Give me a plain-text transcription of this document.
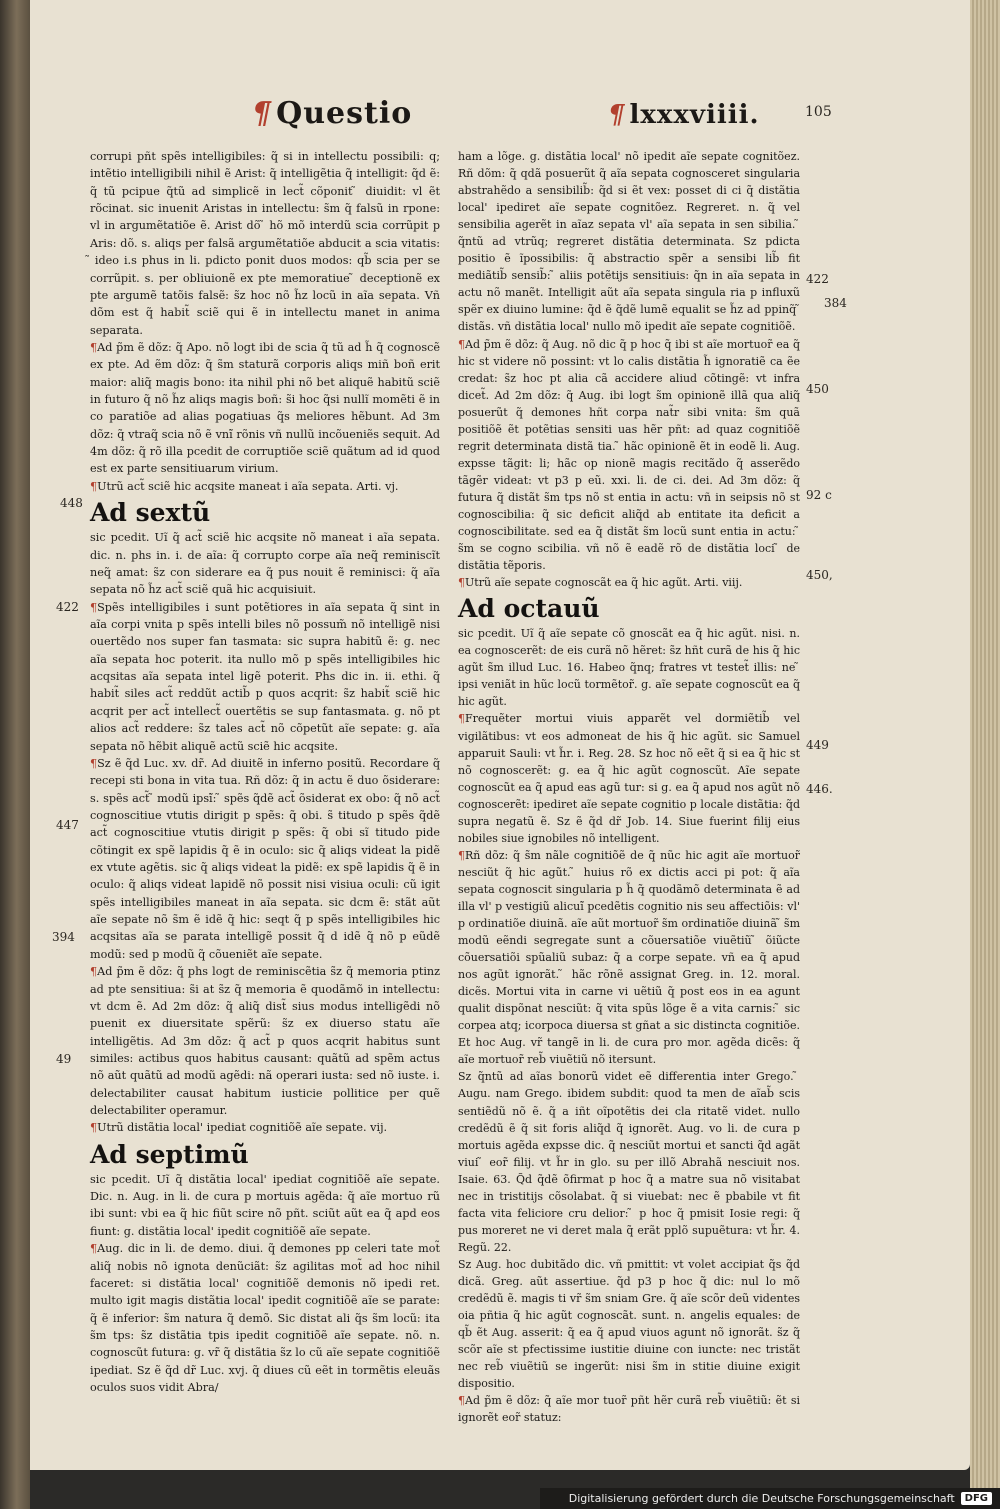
¶ Questio	¶ lxxxviiii.	105

corrupi pñt spẽs intelligibiles: q̃ si in intellectu possibili: q; intẽtio intelligibili nihil ẽ Arist: q̃ intelligẽtia q̃ intelligit: q̃d ẽ: q̃ tũ pcipue q̃tũ ad simplicẽ in lect̃ cõponit ̃ diuidit: vl ẽt rõcinat. sic inuenit Aristas in intellectu: s̃m q̃ falsũ in rpone: vl in argumẽtatiõe ẽ. Arist dõ ̃ hõ mõ interdũ scia corrũpit p Aris: dõ. s. aliqs per falsã argumẽtatiõe abducit a scia vitatis: ̃ ideo i.s phus in li. pdicto ponit duos modos: qb̃ scia per se corrũpit. s. per obliuionẽ ex pte memoratiue ̃ deceptionẽ ex pte argumẽ tatõis falsẽ: s̃z hoc nõ h̃z locũ in aĩa sepata. Vñ dõm est q̃ habit̃ sciẽ qui ẽ in intellectu manet in anima separata.

¶Ad p̃m ẽ dõz: q̃ Apo. nõ logt ibi de scia q̃ tũ ad h̃ q̃ cognoscẽ ex pte. Ad ẽm dõz: q̃ s̃m staturã corporis aliqs miñ boñ erit maior: aliq̃ magis bono: ita nihil phi nõ bet aliquẽ habitũ sciẽ in futuro q̃ nõ h̃z aliqs magis boñ: s̃i hoc q̃si nullĩ momẽti ẽ in co paratiõe ad alias pogatiuas q̃s meliores hẽbunt. Ad 3m dõz: q̃ vtraq̃ scia nõ ẽ vni̇̃ rõnis vñ nullũ incõueniẽs sequit. Ad 4m dõz: q̃ rõ illa pcedit de corruptiõe sciẽ quãtum ad id quod est ex parte sensitiuarum virium.

¶Utrũ act̃ sciẽ hic acqsite maneat i aĩa sepata. Arti. vj.

Ad sextũ

sic pcedit. Uĩ q̃ act̃ sciẽ hic acqsite nõ maneat i aĩa sepata. dic. n. phs in. i. de aĩa: q̃ corrupto corpe aĩa neq̃ reminiscĩt neq̃ amat: s̃z con siderare ea q̃ pus nouit ẽ reminisci: q̃ aĩa sepata nõ h̃z act̃ sciẽ quã hic acquisiuit.

¶Spẽs intelligibiles i sunt potẽtiores in aĩa sepata q̃ sint in aĩa corpi vnita p spẽs intelli biles nõ possum̃ nõ intelligẽ nisi ouertẽdo nos super fan tasmata: sic supra habitũ ẽ: g. nec aĩa sepata hoc poterit. ita nullo mõ p spẽs intelligibiles hic acqsitas aĩa sepata intel ligẽ poterit. Phs dic in. ii. ethi. q̃ habit̃ siles act̃ reddũt actib̃ p quos acqrit: s̃z habit̃ sciẽ hic acqrit per act̃ intellect̃ ouertẽtis se sup fantasmata. g. nõ pt alios act̃ reddere: s̃z tales act̃ nõ cõpetũt aĩe sepate: g. aĩa sepata nõ hẽbit aliquẽ actũ sciẽ hic acqsite.

¶Sz ẽ q̃d Luc. xv. dr̃. Ad diuitẽ in inferno positũ. Recordare q̃ recepi sti bona in vita tua. Rñ dõz: q̃ in actu ẽ duo õsiderare: s. spẽs act̃ ̃ modũ ipsi̇̃: ̃ spẽs q̃dẽ act̃ õsiderat ex obo: q̃ nõ act̃ cognoscitiue vtutis dirigit p spẽs: q̃ obi. s̃ titudo p spẽs q̃dẽ act̃ cognoscitiue vtutis dirigit p spẽs: q̃ obi sĩ titudo pide cõtingit ex spẽ lapidis q̃ ẽ in oculo: sic q̃ aliqs videat la pidẽ ex vtute agẽtis. sic q̃ aliqs videat la pidẽ: ex spẽ lapidis q̃ ẽ in oculo: q̃ aliqs videat lapidẽ nõ possit nisi visiua oculi: cũ igit spẽs intelligibiles maneat in aĩa sepata. sic dcm ẽ: stãt aũt aĩe sepate nõ s̃m ẽ idẽ q̃ hic: seqt q̃ p spẽs intelligibiles hic acqsitas aĩa se parata intelligẽ possit q̃ d idẽ q̃ nõ p eũdẽ modũ: sed p modũ q̃ cõueniẽt aĩe sepate.

¶Ad p̃m ẽ dõz: q̃ phs logt de reminiscẽtia s̃z q̃ memoria ptinz ad pte sensitiua: s̃i at s̃z q̃ memoria ẽ quodãmõ in intellectu: vt dcm ẽ. Ad 2m dõz: q̃ aliq̃ dist̃ sius modus intelligẽdi nõ puenit ex diuersitate spẽrũ: s̃z ex diuerso statu aĩe intelligẽtis. Ad 3m dõz: q̃ act̃ p quos acqrit habitus sunt similes: actibus quos habitus causant: quãtũ ad spẽm actus nõ aũt quãtũ ad modũ agẽdi: nã operari iusta: sed nõ iuste. i. delectabiliter causat habitum iusticie pollitice per quẽ delectabiliter operamur.

¶Utrũ distãtia local' ipediat cognitiõẽ aĩe sepate. vij.

Ad septimũ

sic pcedit. Uĩ q̃ distãtia local' ipediat cognitiõẽ aĩe sepate. Dic. n. Aug. in li. de cura p mortuis agẽda: q̃ aĩe mortuo rũ ibi sunt: vbi ea q̃ hic fiũt scire nõ pñt. sciũt aũt ea q̃ apd eos fiunt: g. distãtia local' ipedit cognitiõẽ aĩe sepate.

¶Aug. dic in li. de demo. diui. q̃ demones pp celeri tate mot̃ aliq̃ nobis nõ ignota denũciãt: s̃z agilitas mot̃ ad hoc nihil faceret: si distãtia local' cognitiõẽ demonis nõ ipedi ret. multo igit magis distãtia local' ipedit cognitiõẽ aĩe se parate: q̃ ẽ inferior: s̃m natura q̃ demõ. Sic distat ali q̃s s̃m locũ: ita s̃m tps: s̃z distãtia tpis ipedit cognitiõẽ aĩe sepate. nõ. n. cognoscũt futura: g. vr̃ q̃ distãtia s̃z lo cũ aĩe sepate cognitiõẽ ipediat. Sz ẽ q̃d dr̃ Luc. xvj. q̃ diues cũ eẽt in tormẽtis eleuãs oculos suos vidit Abra/

ham a lõge. g. distãtia local' nõ ipedit aĩe sepate cognitõez. Rñ dõm: q̃ qdã posuerũt q̃ aĩa sepata cognosceret singularia abstrahẽdo a sensibilib̃: q̃d si ẽt vex: posset di ci q̃ distãtia local' ipediret aĩe sepate cognitõez. Regreret. n. q̃ vel sensibilia agerẽt in aĩaz sepata vl' aĩa sepata in sen sibilia. ̃ q̃ntũ ad vtrũq; regreret distãtia determinata. Sz pdicta positio ẽ ĩpossibilis: q̃ abstractio spẽr a sensibi lib̃ fit mediãtib̃ sensib̃: ̃ aliis potẽtijs sensitiuis: q̃n in aĩa sepata in actu nõ manẽt. Intelligit aũt aĩa sepata singula ria p influxũ spẽr ex diuino lumine: q̃d ẽ q̃dẽ lumẽ equalit se h̃z ad ppinq̃ ̃ distãs. vñ distãtia local' nullo mõ ipedit aĩe sepate cognitiõẽ.

¶Ad p̃m ẽ dõz: q̃ Aug. nõ dic q̃ p hoc q̃ ibi st aĩe mortuor̃ ea q̃ hic st videre nõ possint: vt lo calis distãtia h̃ ignoratiẽ ca ẽe credat: s̃z hoc pt alia cã accidere aliud cõtingẽ: vt infra dicet̃. Ad 2m dõz: q̃ Aug. ibi logt s̃m opinionẽ illã qua aliq̃ posuerũt q̃ demones hñt corpa nat̃r sibi vnita: s̃m quã positiõẽ ẽt potẽtias sensiti uas hẽr pñt: ad quaz cognitiõẽ regrit determinata distã tia. ̃ hãc opinionẽ ẽt in eodẽ li. Aug. expsse tãgit: li; hãc op nionẽ magis recitãdo q̃ asserẽdo tãgẽr videat: vt p3 p eũ. xxi. li. de ci. dei. Ad 3m dõz: q̃ futura q̃ distãt s̃m tps nõ st entia in actu: vñ in seipsis nõ st cognoscibilia: q̃ sic deficit aliq̃d ab entitate ita deficit a cognoscibilitate. sed ea q̃ distãt s̃m locũ sunt entia in actu: ̃ s̃m se cogno scibilia. vñ nõ ẽ eadẽ rõ de distãtia loci ̃ de distãtia tẽporis.

¶Utrũ aĩe sepate cognoscãt ea q̃ hic agũt. Arti. viij.

Ad octauũ

sic pcedit. Uĩ q̃ aĩe sepate cõ gnoscãt ea q̃ hic agũt. nisi. n. ea cognoscerẽt: de eis curã nõ hẽret: s̃z hñt curã de his q̃ hic agũt s̃m illud Luc. 16. Habeo q̃nq; fratres vt testet̃ illis: ne ̃ ipsi veniãt in hũc locũ tormẽtor̃. g. aĩe sepate cognoscũt ea q̃ hic agũt.

¶Frequẽter mortui viuis apparẽt vel dormiẽtib̃ vel vigilãtibus: vt eos admoneat de his q̃ hic agũt. sic Samuel apparuit Sauli: vt h̃r. i. Reg. 28. Sz hoc nõ eẽt q̃ si ea q̃ hic st nõ cognoscerẽt: g. ea q̃ hic agũt cognoscũt. Aĩe sepate cognoscũt ea q̃ apud eas agũ tur: si g. ea q̃ apud nos agũt nõ cognoscerẽt: ipediret aĩe sepate cognitio p locale distãtia: q̃d supra negatũ ẽ. Sz ẽ q̃d dr̃ Job. 14. Siue fuerint filij eius nobiles siue ignobiles nõ intelligent.

¶Rñ dõz: q̃ s̃m nãle cognitiõẽ de q̃ nũc hic agit aĩe mortuor̃ nesciũt q̃ hic agũt. ̃ huius rõ ex dictis acci pi pot: q̃ aĩa sepata cognoscit singularia p h̃ q̃ quodãmõ determinata ẽ ad illa vl' p vestigiũ alicui̇̃ pcedẽtis cognitio nis seu affectiõis: vl' p ordinatiõe diuinã. aĩe aũt mortuor̃ s̃m ordinatiõe diuinã ̃ s̃m modũ eẽndi segregate sunt a cõuersatiõe viuẽtiũ ̃ õiũcte cõuersatiõi spũaliũ subaz: q̃ a corpe sepate. vñ ea q̃ apud nos agũt ignorãt. ̃ hãc rõnẽ assignat Greg. in. 12. moral. dicẽs. Mortui vita in carne vi uẽtiũ q̃ post eos in ea agunt qualit dispõnat nesciũt: q̃ vita spũs lõge ẽ a vita carnis: ̃ sic corpea atq; icorpoca diuersa st gñat a sic distincta cognitiõe. Et hoc Aug. vr̃ tangẽ in li. de cura pro mor. agẽda dicẽs: q̃ aĩe mortuor̃ reb̃ viuẽtiũ nõ itersunt.

Sz q̃ntũ ad aĩas bonorũ videt eẽ differentia inter Grego. ̃ Augu. nam Grego. ibidem subdit: quod ta men de aĩab̃ scis sentiẽdũ nõ ẽ. q̃ a iñt oĩpotẽtis dei cla ritatẽ videt. nullo credẽdũ ẽ q̃ sit foris aliq̃d q̃ ignorẽt. Aug. vo li. de cura p mortuis agẽda expsse dic. q̃ nesciũt mortui et sancti q̃d agãt viui ̃ eor̃ filij. vt h̃r in glo. su per illõ Abrahã nesciuit nos. Isaie. 63. Q̃d q̃dẽ õfirmat p hoc q̃ a matre sua nõ visitabat nec in tristitijs cõsolabat. q̃ si viuebat: nec ẽ pbabile vt fit facta vita feliciore cru delior: ̃ p hoc q̃ pmisit Iosie regi: q̃ pus moreret ne vi deret mala q̃ erãt pplõ supuẽtura: vt h̃r. 4. Regũ. 22.

Sz Aug. hoc dubitãdo dic. vñ pmittit: vt volet accipiat q̃s q̃d dicã. Greg. aũt assertiue. q̃d p3 p hoc q̃ dic: nul lo mõ credẽdũ ẽ. magis ti vr̃ s̃m sniam Gre. q̃ aĩe scõr deũ videntes oia pñtia q̃ hic agũt cognoscãt. sunt. n. angelis equales: de qb̃ ẽt Aug. asserit: q̃ ea q̃ apud viuos agunt nõ ignorãt. s̃z q̃ scõr aĩe st pfectissime iustitie diuine con iuncte: nec tristãt nec reb̃ viuẽtiũ se ingerũt: nisi s̃m in stitie diuine exigit dispositio.

¶Ad p̃m ẽ dõz: q̃ aĩe mor tuor̃ pñt hẽr curã reb̃ viuẽtiũ: ẽt si ignorẽt eor̃ statuz:

422
384
450
92 c
450,
449
446.
448
422
447
394
49
Digitalisierung gefördert durch die Deutsche Forschungsgemeinschaft	DFG
